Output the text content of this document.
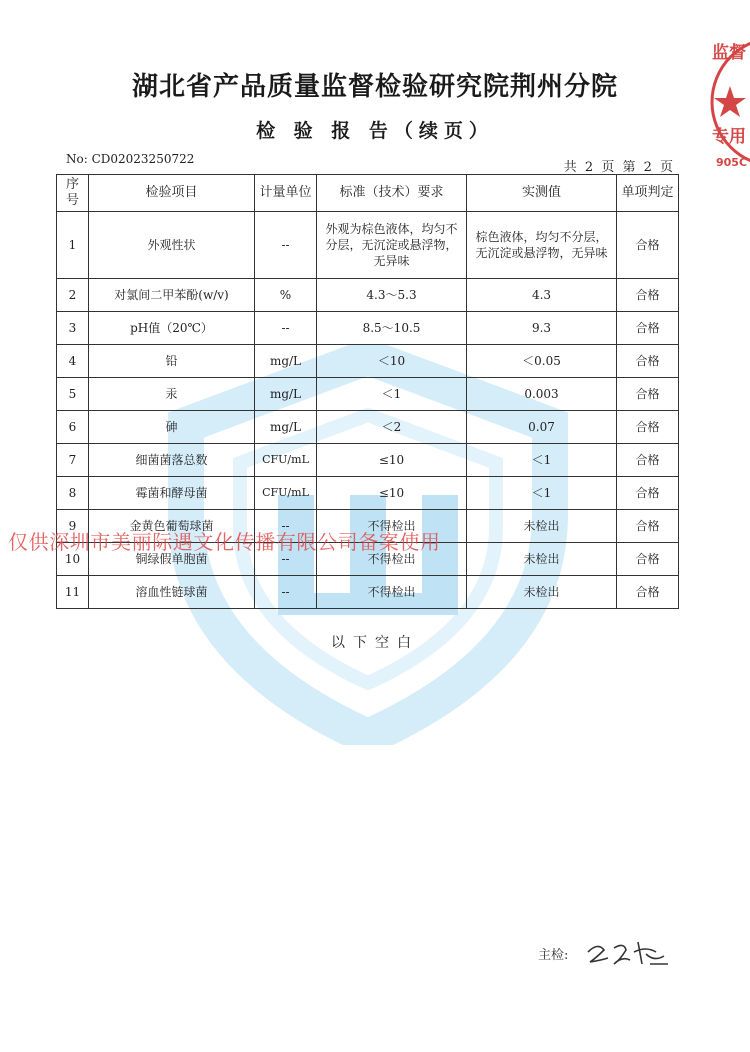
湖北省产品质量监督检验研究院荆州分院
检 验 报 告（续页）
No: CD02023250722
共 2 页 第 2 页
序号	检验项目	计量单位	标准（技术）要求	实测值	单项判定
1	外观性状	--	外观为棕色液体，均匀不分层，无沉淀或悬浮物，无异味	棕色液体，均匀不分层，无沉淀或悬浮物，无异味	合格
2	对氯间二甲苯酚(w/v)	%	4.3～5.3	4.3	合格
3	pH值（20℃）	--	8.5～10.5	9.3	合格
4	铅	mg/L	＜10	＜0.05	合格
5	汞	mg/L	＜1	0.003	合格
6	砷	mg/L	＜2	0.07	合格
7	细菌菌落总数	CFU/mL	≤10	＜1	合格
8	霉菌和酵母菌	CFU/mL	≤10	＜1	合格
9	金黄色葡萄球菌	--	不得检出	未检出	合格
10	铜绿假单胞菌	--	不得检出	未检出	合格
11	溶血性链球菌	--	不得检出	未检出	合格
以下空白
仅供深圳市美丽际遇文化传播有限公司备案使用
监督
专用
905C
主检:
